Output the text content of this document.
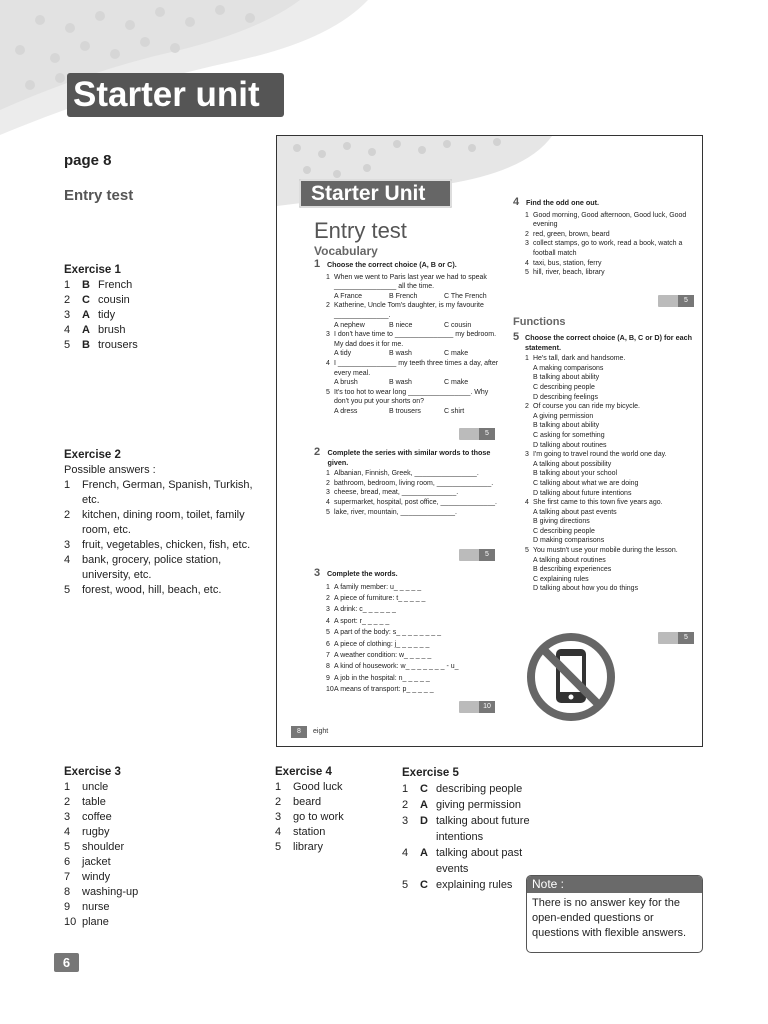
Starter unit
page 8
Entry test
Exercise 1
1	B French
2	C cousin
3	A tidy
4	A brush
5	B trousers
Exercise 2
Possible answers :
1	French, German, Spanish, Turkish, etc.
2	kitchen, dining room, toilet, family room, etc.
3	fruit, vegetables, chicken, fish, etc.
4	bank, grocery, police station, university, etc.
5	forest, wood, hill, beach, etc.
Exercise 3
1	uncle
2	table
3	coffee
4	rugby
5	shoulder
6	jacket
7	windy
8	washing-up
9	nurse
10 plane
Exercise 4
1	Good luck
2	beard
3	go to work
4	station
5	library
Exercise 5
1	C describing people
2	A giving permission
3	D talking about future intentions
4	A talking about past events
5	C explaining rules	Note :
There is no answer key for the open-ended questions or questions with flexible answers.
6
Starter Unit
Entry test
Vocabulary
Functions
1 Choose the correct choice (A, B or C).
1 When we went to Paris last year we had to speak ________________ all the time.
A France	B French	C The French
2 Katherine, Uncle Tom's daughter, is my favourite ______________.
A nephew	B niece	C cousin
3 I don't have time to _______________ my bedroom. My dad does it for me.
A tidy	B wash	C make
4 I _______________ my teeth three times a day, after every meal.
A brush	B wash	C make
5 It's too hot to wear long ________________. Why don't you put your shorts on?
A dress	B trousers	C shirt
5
2	Complete the series with similar words to those given.
1 Albanian, Finnish, Greek, ________________.
2 bathroom, bedroom, living room, ______________.
3 cheese, bread, meat, ______________.
4 supermarket, hospital, post office, ______________.
5 lake, river, mountain, ______________.
5
3 Complete the words.
1 A family member: u_ _ _ _ _
2 A piece of furniture: t_ _ _ _ _
3 A drink: c_ _ _ _ _ _
4 A sport: r_ _ _ _ _
5 A part of the body: s_ _ _ _ _ _ _ _
6 A piece of clothing: j_ _ _ _ _ _
7 A weather condition: w_ _ _ _ _
8 A kind of housework: w_ _ _ _ _ _ _ - u_
9 A job in the hospital: n_ _ _ _ _
10 A means of transport: p_ _ _ _ _
10
4 Find the odd one out.
1 Good morning, Good afternoon, Good luck, Good evening
2 red, green, brown, beard
3 collect stamps, go to work, read a book, watch a football match
4 taxi, bus, station, ferry
5 hill, river, beach, library
5
5 Choose the correct choice (A, B, C or D) for each statement.
1 He's tall, dark and handsome.
A making comparisons
B talking about ability
C describing people
D describing feelings
2 Of course you can ride my bicycle.
A giving permission
B talking about ability
C asking for something
D talking about routines
3 I'm going to travel round the world one day.
A talking about possibility
B talking about your school
C talking about what we are doing
D talking about future intentions
4 She first came to this town five years ago.
A talking about past events
B giving directions
C describing people
D making comparisons
5 You mustn't use your mobile during the lesson.
A talking about routines
B describing experiences
C explaining rules
D talking about how you do things
5
8	eight
